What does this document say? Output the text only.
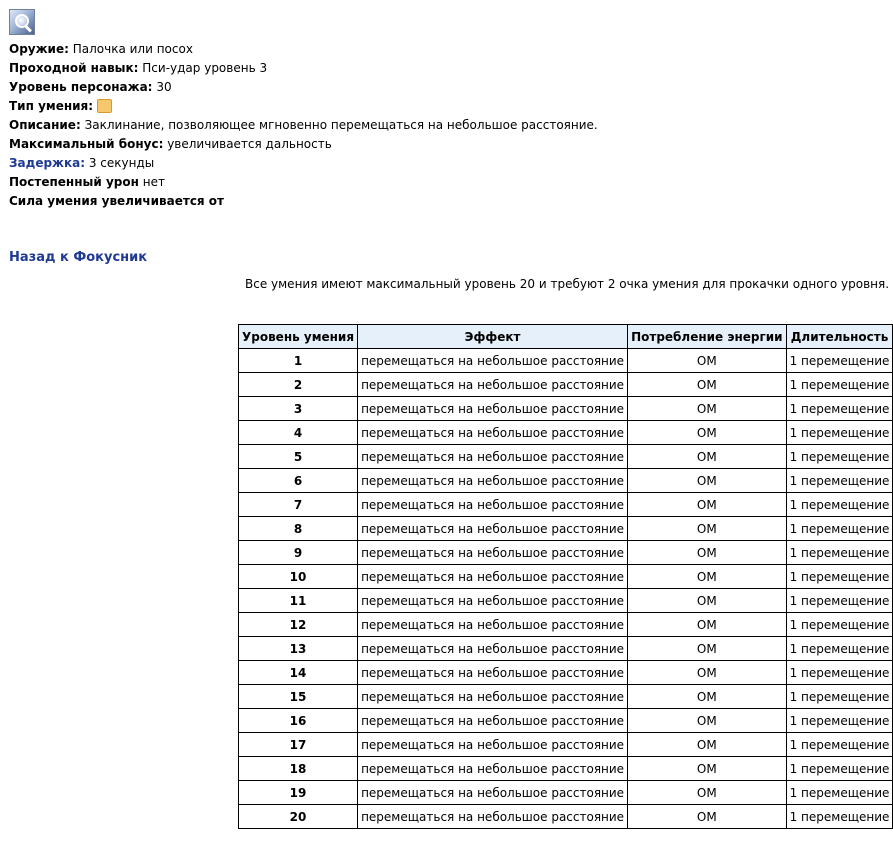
Оружие: Палочка или посох
Проходной навык: Пси-удар уровень 3
Уровень персонажа: 30
Тип умения:
Описание: Заклинание, позволяющее мгновенно перемещаться на небольшое расстояние.
Максимальный бонус: увеличивается дальность
Задержка: 3 секунды
Постепенный урон нет
Сила умения увеличивается от
Назад к Фокусник
Все умения имеют максимальный уровень 20 и требуют 2 очка умения для прокачки одного уровня.
Уровень умения	Эффект	Потребление энергии	Длительность
1	перемещаться на небольшое расстояние	ОМ	1 перемещение
2	перемещаться на небольшое расстояние	ОМ	1 перемещение
3	перемещаться на небольшое расстояние	ОМ	1 перемещение
4	перемещаться на небольшое расстояние	ОМ	1 перемещение
5	перемещаться на небольшое расстояние	ОМ	1 перемещение
6	перемещаться на небольшое расстояние	ОМ	1 перемещение
7	перемещаться на небольшое расстояние	ОМ	1 перемещение
8	перемещаться на небольшое расстояние	ОМ	1 перемещение
9	перемещаться на небольшое расстояние	ОМ	1 перемещение
10	перемещаться на небольшое расстояние	ОМ	1 перемещение
11	перемещаться на небольшое расстояние	ОМ	1 перемещение
12	перемещаться на небольшое расстояние	ОМ	1 перемещение
13	перемещаться на небольшое расстояние	ОМ	1 перемещение
14	перемещаться на небольшое расстояние	ОМ	1 перемещение
15	перемещаться на небольшое расстояние	ОМ	1 перемещение
16	перемещаться на небольшое расстояние	ОМ	1 перемещение
17	перемещаться на небольшое расстояние	ОМ	1 перемещение
18	перемещаться на небольшое расстояние	ОМ	1 перемещение
19	перемещаться на небольшое расстояние	ОМ	1 перемещение
20	перемещаться на небольшое расстояние	ОМ	1 перемещение
